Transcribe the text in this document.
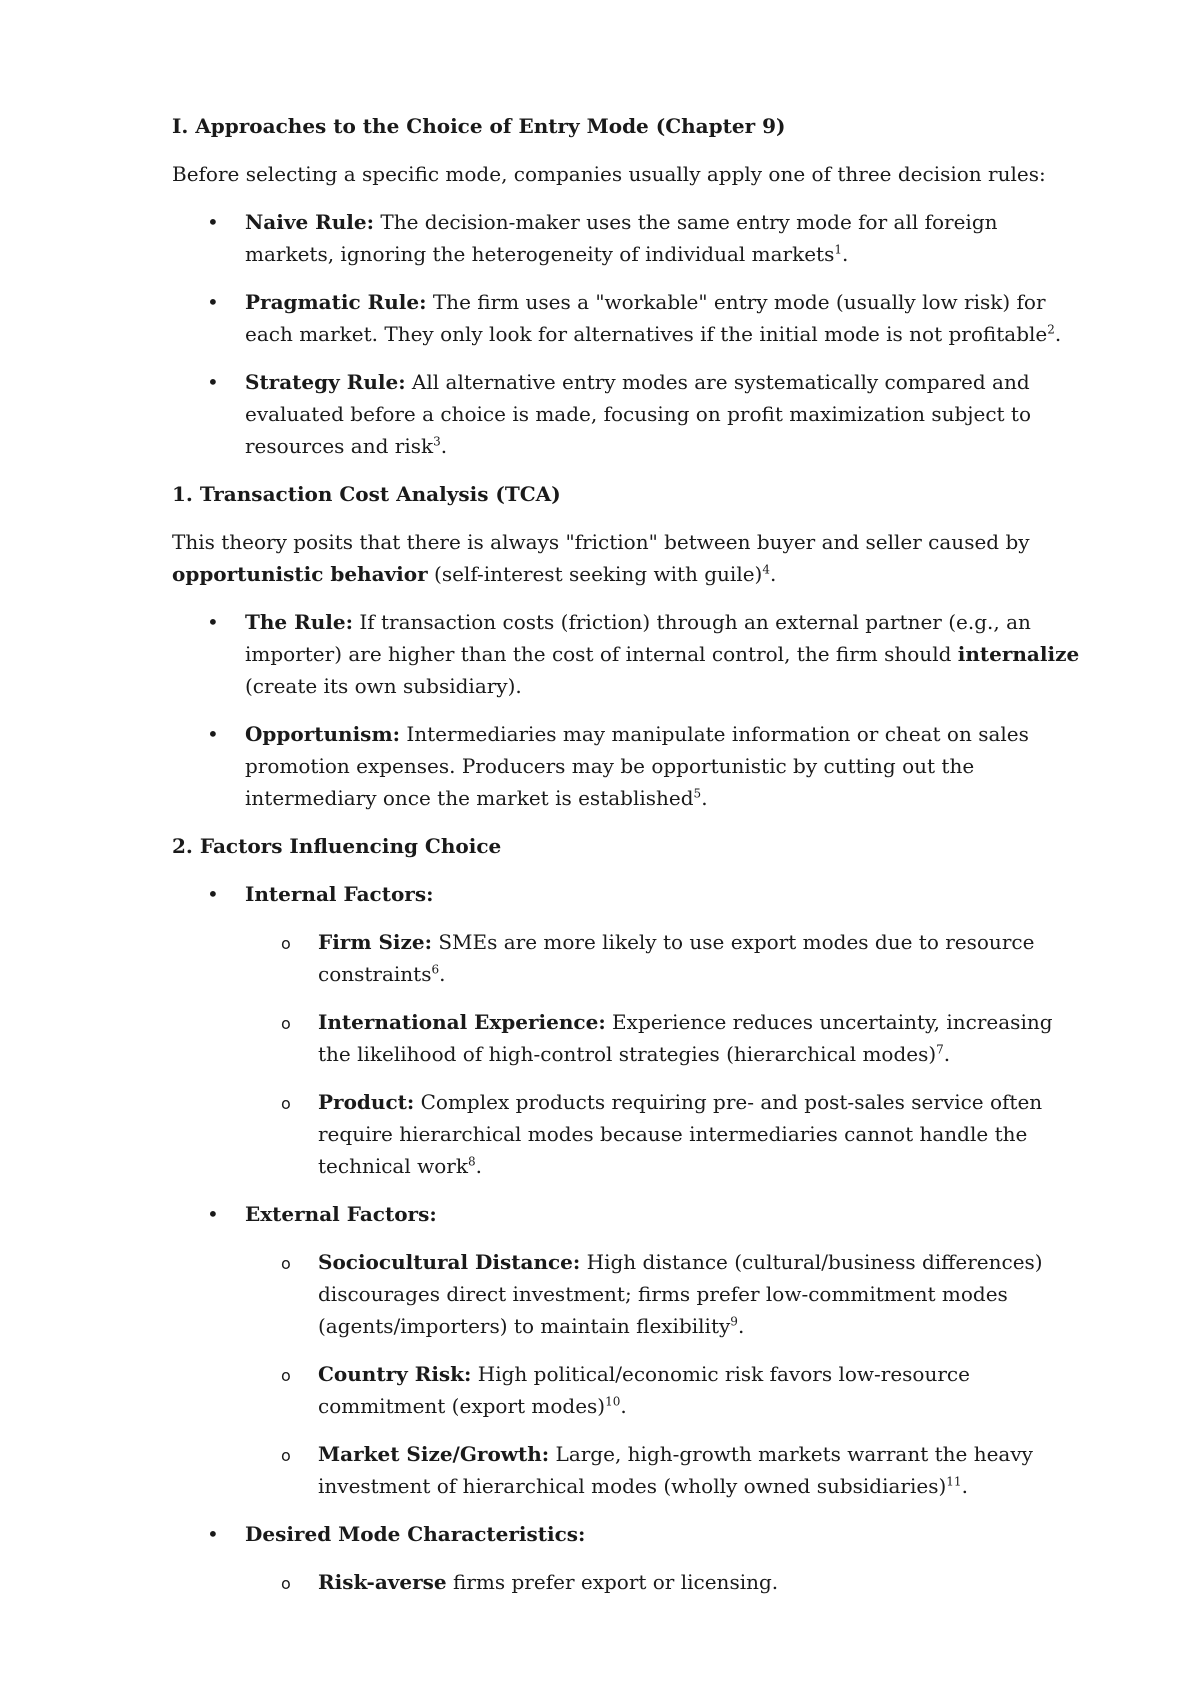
I. Approaches to the Choice of Entry Mode (Chapter 9)
Before selecting a specific mode, companies usually apply one of three decision rules:
• Naive Rule: The decision-maker uses the same entry mode for all foreign markets, ignoring the heterogeneity of individual markets$^1$.
• Pragmatic Rule: The firm uses a "workable" entry mode (usually low risk) for each market. They only look for alternatives if the initial mode is not profitable$^2$.
• Strategy Rule: All alternative entry modes are systematically compared and evaluated before a choice is made, focusing on profit maximization subject to resources and risk$^3$.
1. Transaction Cost Analysis (TCA)
This theory posits that there is always "friction" between buyer and seller caused by opportunistic behavior (self-interest seeking with guile)$^4$.
• The Rule: If transaction costs (friction) through an external partner (e.g., an importer) are higher than the cost of internal control, the firm should internalize (create its own subsidiary).
• Opportunism: Intermediaries may manipulate information or cheat on sales promotion expenses. Producers may be opportunistic by cutting out the intermediary once the market is established$^5$.
2. Factors Influencing Choice
• Internal Factors:
o Firm Size: SMEs are more likely to use export modes due to resource constraints$^6$.
o International Experience: Experience reduces uncertainty, increasing the likelihood of high-control strategies (hierarchical modes)$^7$.
o Product: Complex products requiring pre- and post-sales service often require hierarchical modes because intermediaries cannot handle the technical work$^8$.
• External Factors:
o Sociocultural Distance: High distance (cultural/business differences) discourages direct investment; firms prefer low-commitment modes (agents/importers) to maintain flexibility$^9$.
o Country Risk: High political/economic risk favors low-resource commitment (export modes)$^{10}$.
o Market Size/Growth: Large, high-growth markets warrant the heavy investment of hierarchical modes (wholly owned subsidiaries)$^{11}$.
• Desired Mode Characteristics:
o Risk-averse firms prefer export or licensing.
